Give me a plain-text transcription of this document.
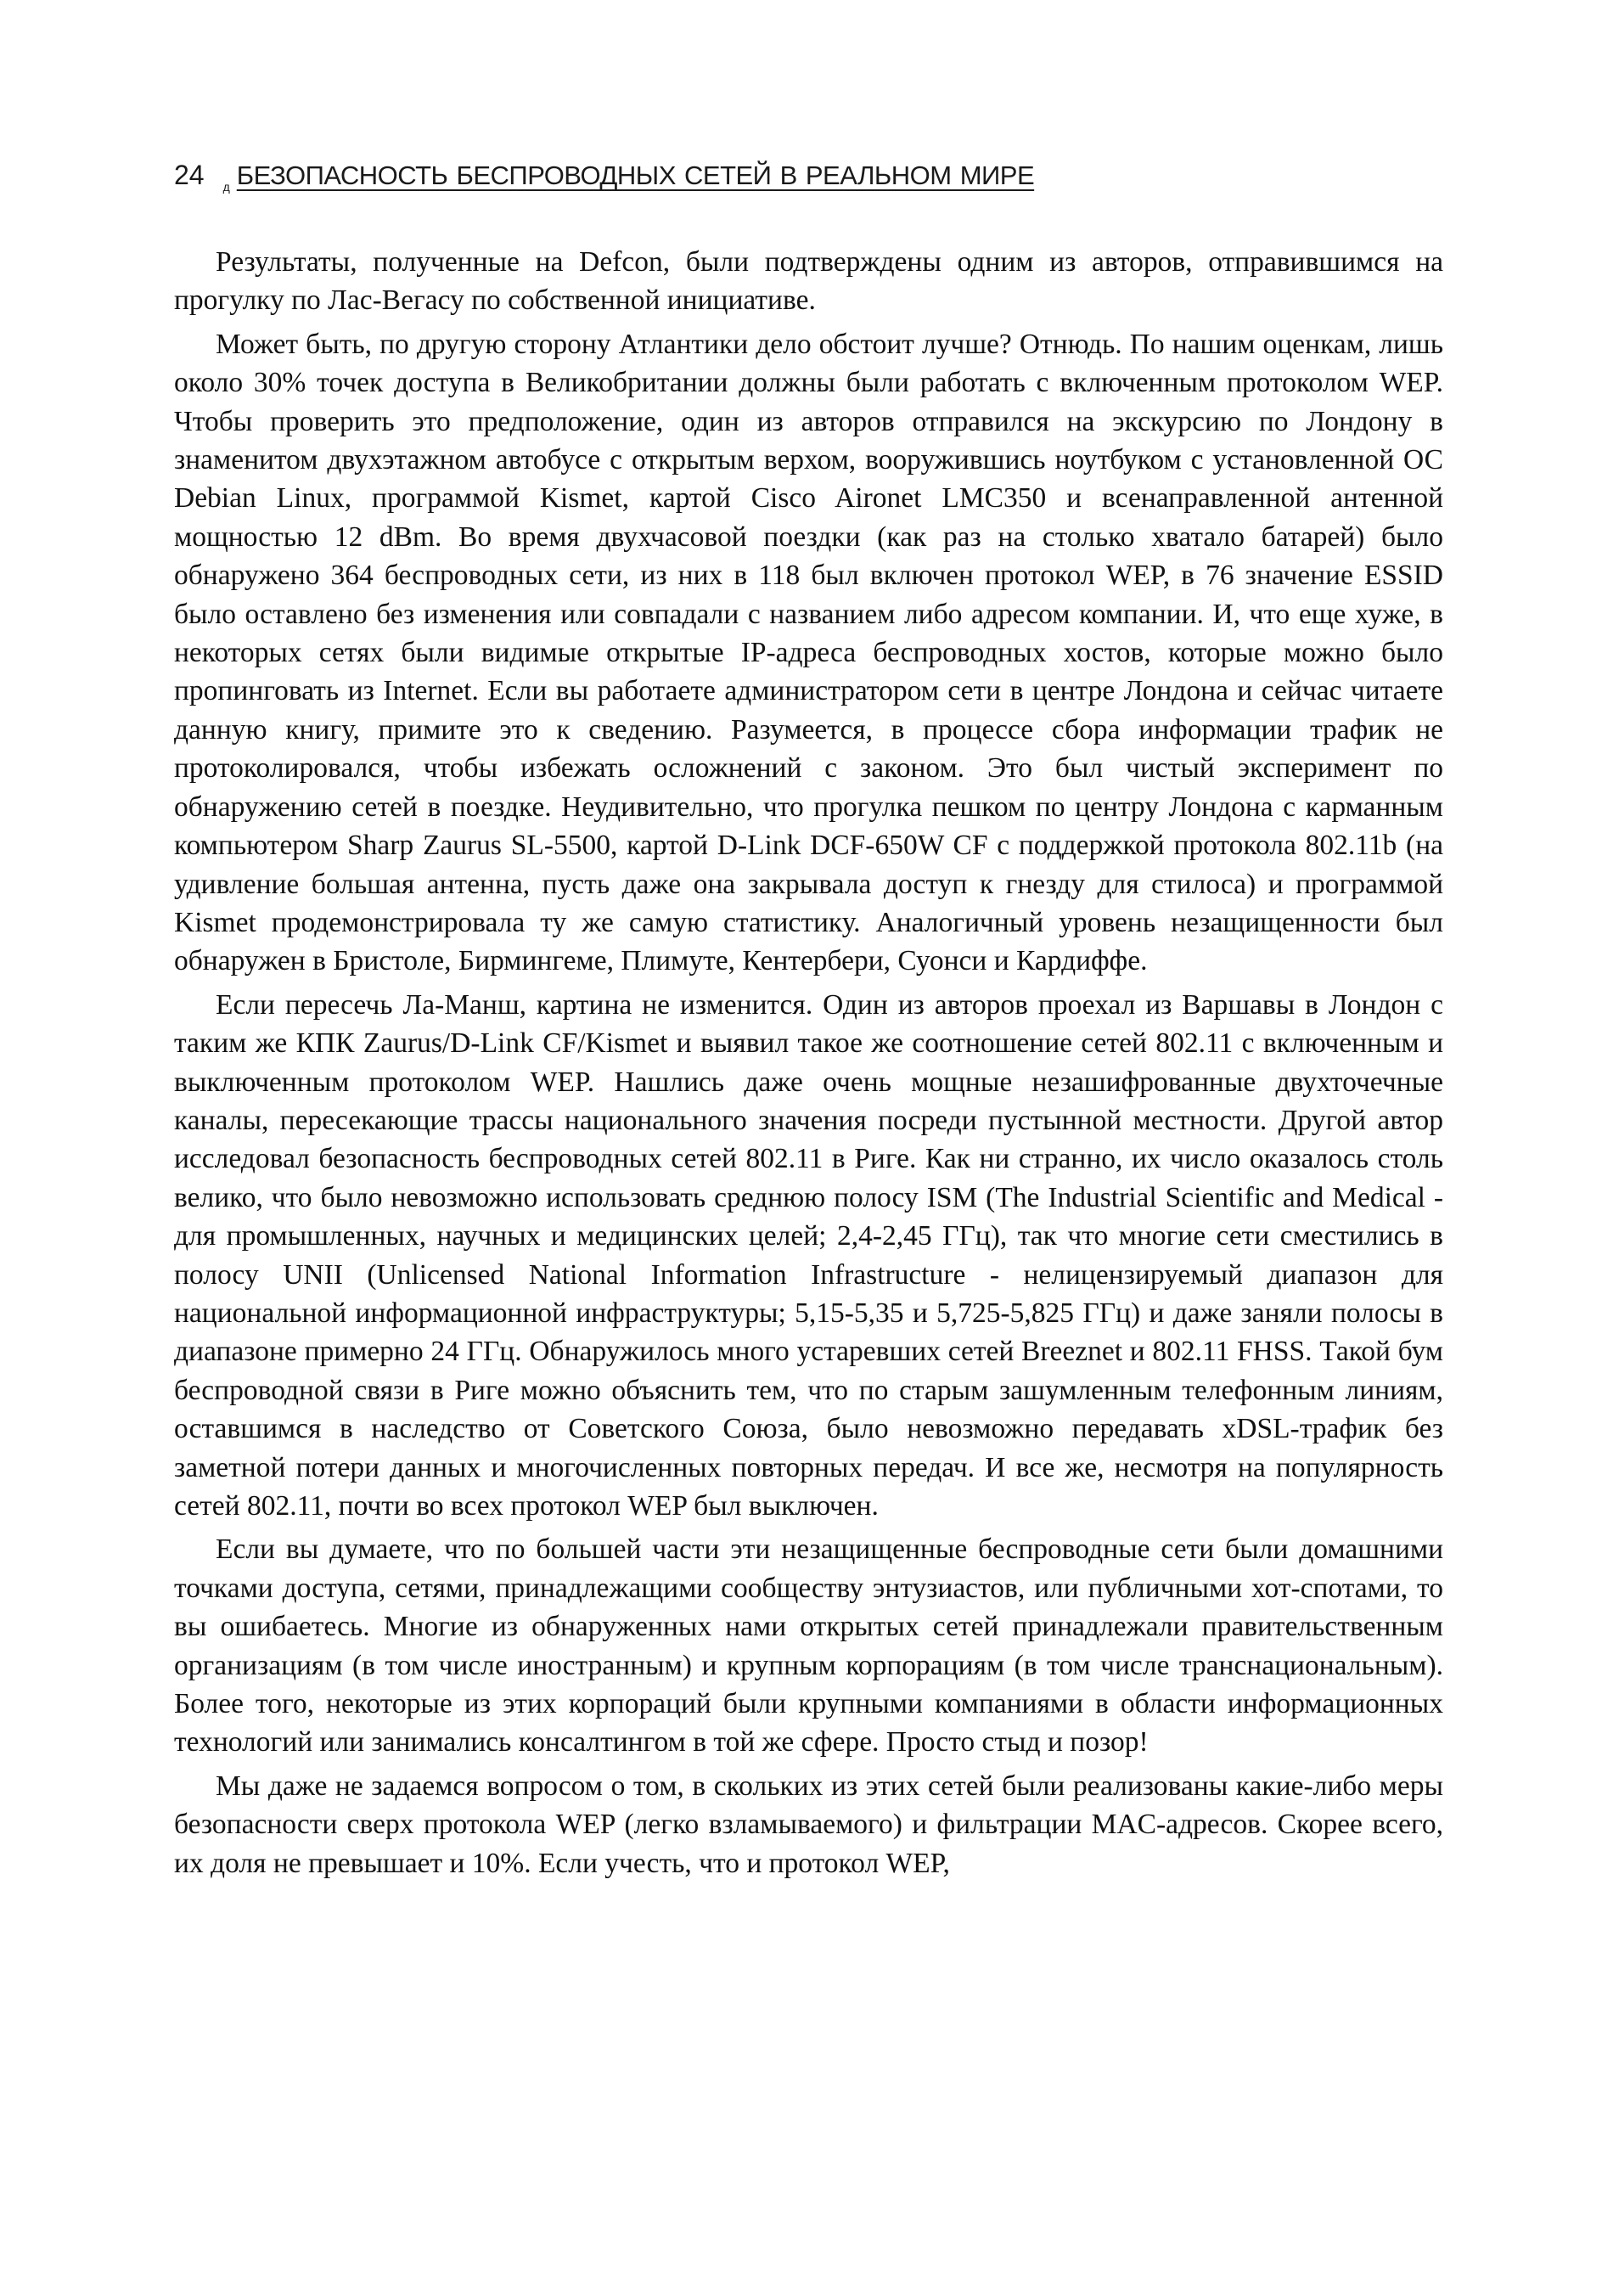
24 д БЕЗОПАСНОСТЬ БЕСПРОВОДНЫХ СЕТЕЙ В РЕАЛЬНОМ МИРЕ

Результаты, полученные на Defcon, были подтверждены одним из авторов, отправившимся на прогулку по Лас-Вегасу по собственной инициативе.

Может быть, по другую сторону Атлантики дело обстоит лучше? Отнюдь. По нашим оценкам, лишь около 30% точек доступа в Великобритании должны были работать с включенным протоколом WEP. Чтобы проверить это предположение, один из авторов отправился на экскурсию по Лондону в знаменитом двухэтажном автобусе с открытым верхом, вооружившись ноутбуком с установленной ОС Debian Linux, программой Kismet, картой Cisco Aironet LMC350 и всенаправленной антенной мощностью 12 dBm. Во время двухчасовой поездки (как раз на столько хватало батарей) было обнаружено 364 беспроводных сети, из них в 118 был включен протокол WEP, в 76 значение ESSID было оставлено без изменения или совпадали с названием либо адресом компании. И, что еще хуже, в некоторых сетях были видимые открытые IP-адреса беспроводных хостов, которые можно было пропинговать из Internet. Если вы работаете администратором сети в центре Лондона и сейчас читаете данную книгу, примите это к сведению. Разумеется, в процессе сбора информации трафик не протоколировался, чтобы избежать осложнений с законом. Это был чистый эксперимент по обнаружению сетей в поездке. Неудивительно, что прогулка пешком по центру Лондона с карманным компьютером Sharp Zaurus SL-5500, картой D-Link DCF-650W CF с поддержкой протокола 802.11b (на удивление большая антенна, пусть даже она закрывала доступ к гнезду для стилоса) и программой Kismet продемонстрировала ту же самую статистику. Аналогичный уровень незащищенности был обнаружен в Бристоле, Бирмингеме, Плимуте, Кентербери, Суонси и Кардиффе.

Если пересечь Ла-Манш, картина не изменится. Один из авторов проехал из Варшавы в Лондон с таким же КПК Zaurus/D-Link CF/Kismet и выявил такое же соотношение сетей 802.11 с включенным и выключенным протоколом WEP. Нашлись даже очень мощные незашифрованные двухточечные каналы, пересекающие трассы национального значения посреди пустынной местности. Другой автор исследовал безопасность беспроводных сетей 802.11 в Риге. Как ни странно, их число оказалось столь велико, что было невозможно использовать среднюю полосу ISM (The Industrial Scientific and Medical - для промышленных, научных и медицинских целей; 2,4-2,45 ГГц), так что многие сети сместились в полосу UNII (Unlicensed National Information Infrastructure - нелицензируемый диапазон для национальной информационной инфраструктуры; 5,15-5,35 и 5,725-5,825 ГГц) и даже заняли полосы в диапазоне примерно 24 ГГц. Обнаружилось много устаревших сетей Breeznet и 802.11 FHSS. Такой бум беспроводной связи в Риге можно объяснить тем, что по старым зашумленным телефонным линиям, оставшимся в наследство от Советского Союза, было невозможно передавать xDSL-трафик без заметной потери данных и многочисленных повторных передач. И все же, несмотря на популярность сетей 802.11, почти во всех протокол WEP был выключен.

Если вы думаете, что по большей части эти незащищенные беспроводные сети были домашними точками доступа, сетями, принадлежащими сообществу энтузиастов, или публичными хот-спотами, то вы ошибаетесь. Многие из обнаруженных нами открытых сетей принадлежали правительственным организациям (в том числе иностранным) и крупным корпорациям (в том числе транснациональным). Более того, некоторые из этих корпораций были крупными компаниями в области информационных технологий или занимались консалтингом в той же сфере. Просто стыд и позор!

Мы даже не задаемся вопросом о том, в скольких из этих сетей были реализованы какие-либо меры безопасности сверх протокола WEP (легко взламываемого) и фильтрации MAC-адресов. Скорее всего, их доля не превышает и 10%. Если учесть, что и протокол WEP,
